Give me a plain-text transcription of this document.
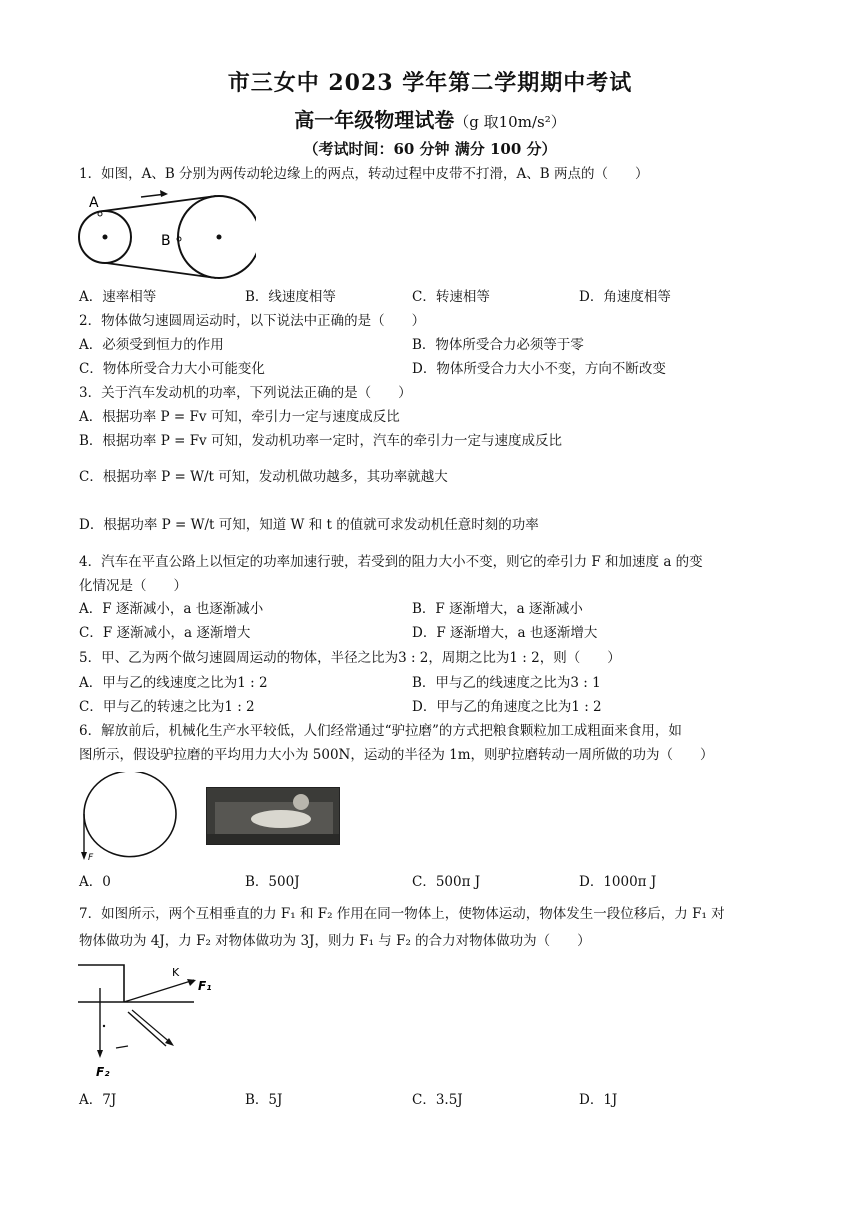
市三女中 2023 学年第二学期期中考试
高一年级物理试卷（g 取10m/s²）
（考试时间：60 分钟 满分 100 分）
1．如图，A、B 分别为两传动轮边缘上的两点，转动过程中皮带不打滑，A、B 两点的（　　）
A
B
A．速率相等	B．线速度相等	C．转速相等	D．角速度相等
2．物体做匀速圆周运动时，以下说法中正确的是（　　）
A．必须受到恒力的作用	B．物体所受合力必须等于零
C．物体所受合力大小可能变化	D．物体所受合力大小不变，方向不断改变
3．关于汽车发动机的功率，下列说法正确的是（　　）
A．根据功率 P = Fv 可知，牵引力一定与速度成反比
B．根据功率 P = Fv 可知，发动机功率一定时，汽车的牵引力一定与速度成反比
C．根据功率 P = W/t 可知，发动机做功越多，其功率就越大
D．根据功率 P = W/t 可知，知道 W 和 t 的值就可求发动机任意时刻的功率
4．汽车在平直公路上以恒定的功率加速行驶，若受到的阻力大小不变，则它的牵引力 F 和加速度 a 的变
化情况是（　　）
A．F 逐渐减小，a 也逐渐减小	B．F 逐渐增大，a 逐渐减小
C．F 逐渐减小，a 逐渐增大	D．F 逐渐增大，a 也逐渐增大
5．甲、乙为两个做匀速圆周运动的物体，半径之比为3 : 2，周期之比为1 : 2，则（　　）
A．甲与乙的线速度之比为1 : 2	B．甲与乙的线速度之比为3 : 1
C．甲与乙的转速之比为1 : 2	D．甲与乙的角速度之比为1 : 2
6．解放前后，机械化生产水平较低，人们经常通过“驴拉磨”的方式把粮食颗粒加工成粗面来食用，如
图所示，假设驴拉磨的平均用力大小为 500N，运动的半径为 1m，则驴拉磨转动一周所做的功为（　　）
F
A．0	B．500J	C．500π J	D．1000π J
7．如图所示，两个互相垂直的力 F₁ 和 F₂ 作用在同一物体上，使物体运动，物体发生一段位移后，力 F₁ 对
物体做功为 4J，力 F₂ 对物体做功为 3J，则力 F₁ 与 F₂ 的合力对物体做功为（　　）
K
F₁
F₂
A．7J	B．5J	C．3.5J	D．1J
